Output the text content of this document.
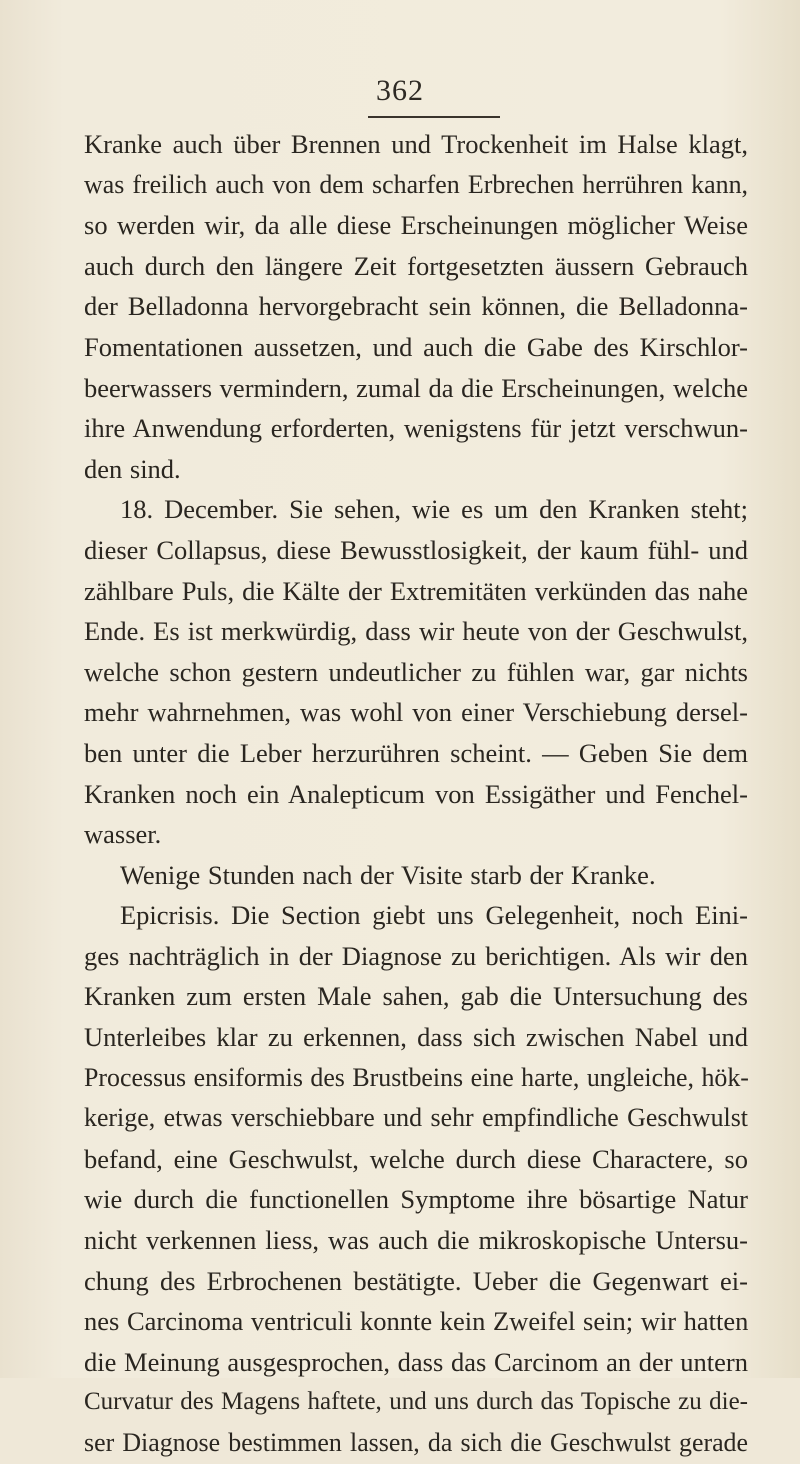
362
Kranke auch über Brennen und Trockenheit im Halse klagt,
was freilich auch von dem scharfen Erbrechen herrühren kann,
so werden wir, da alle diese Erscheinungen möglicher Weise
auch durch den längere Zeit fortgesetzten äussern Gebrauch
der Belladonna hervorgebracht sein können, die Belladonna-
Fomentationen aussetzen, und auch die Gabe des Kirschlor-
beerwassers vermindern, zumal da die Erscheinungen, welche
ihre Anwendung erforderten, wenigstens für jetzt verschwun-
den sind.
18. December. Sie sehen, wie es um den Kranken steht;
dieser Collapsus, diese Bewusstlosigkeit, der kaum fühl- und
zählbare Puls, die Kälte der Extremitäten verkünden das nahe
Ende. Es ist merkwürdig, dass wir heute von der Geschwulst,
welche schon gestern undeutlicher zu fühlen war, gar nichts
mehr wahrnehmen, was wohl von einer Verschiebung dersel-
ben unter die Leber herzurühren scheint. — Geben Sie dem
Kranken noch ein Analepticum von Essigäther und Fenchel-
wasser.
Wenige Stunden nach der Visite starb der Kranke.
Epicrisis. Die Section giebt uns Gelegenheit, noch Eini-
ges nachträglich in der Diagnose zu berichtigen. Als wir den
Kranken zum ersten Male sahen, gab die Untersuchung des
Unterleibes klar zu erkennen, dass sich zwischen Nabel und
Processus ensiformis des Brustbeins eine harte, ungleiche, hök-
kerige, etwas verschiebbare und sehr empfindliche Geschwulst
befand, eine Geschwulst, welche durch diese Charactere, so
wie durch die functionellen Symptome ihre bösartige Natur
nicht verkennen liess, was auch die mikroskopische Untersu-
chung des Erbrochenen bestätigte. Ueber die Gegenwart ei-
nes Carcinoma ventriculi konnte kein Zweifel sein; wir hatten
die Meinung ausgesprochen, dass das Carcinom an der untern
Curvatur des Magens haftete, und uns durch das Topische zu die-
ser Diagnose bestimmen lassen, da sich die Geschwulst gerade
